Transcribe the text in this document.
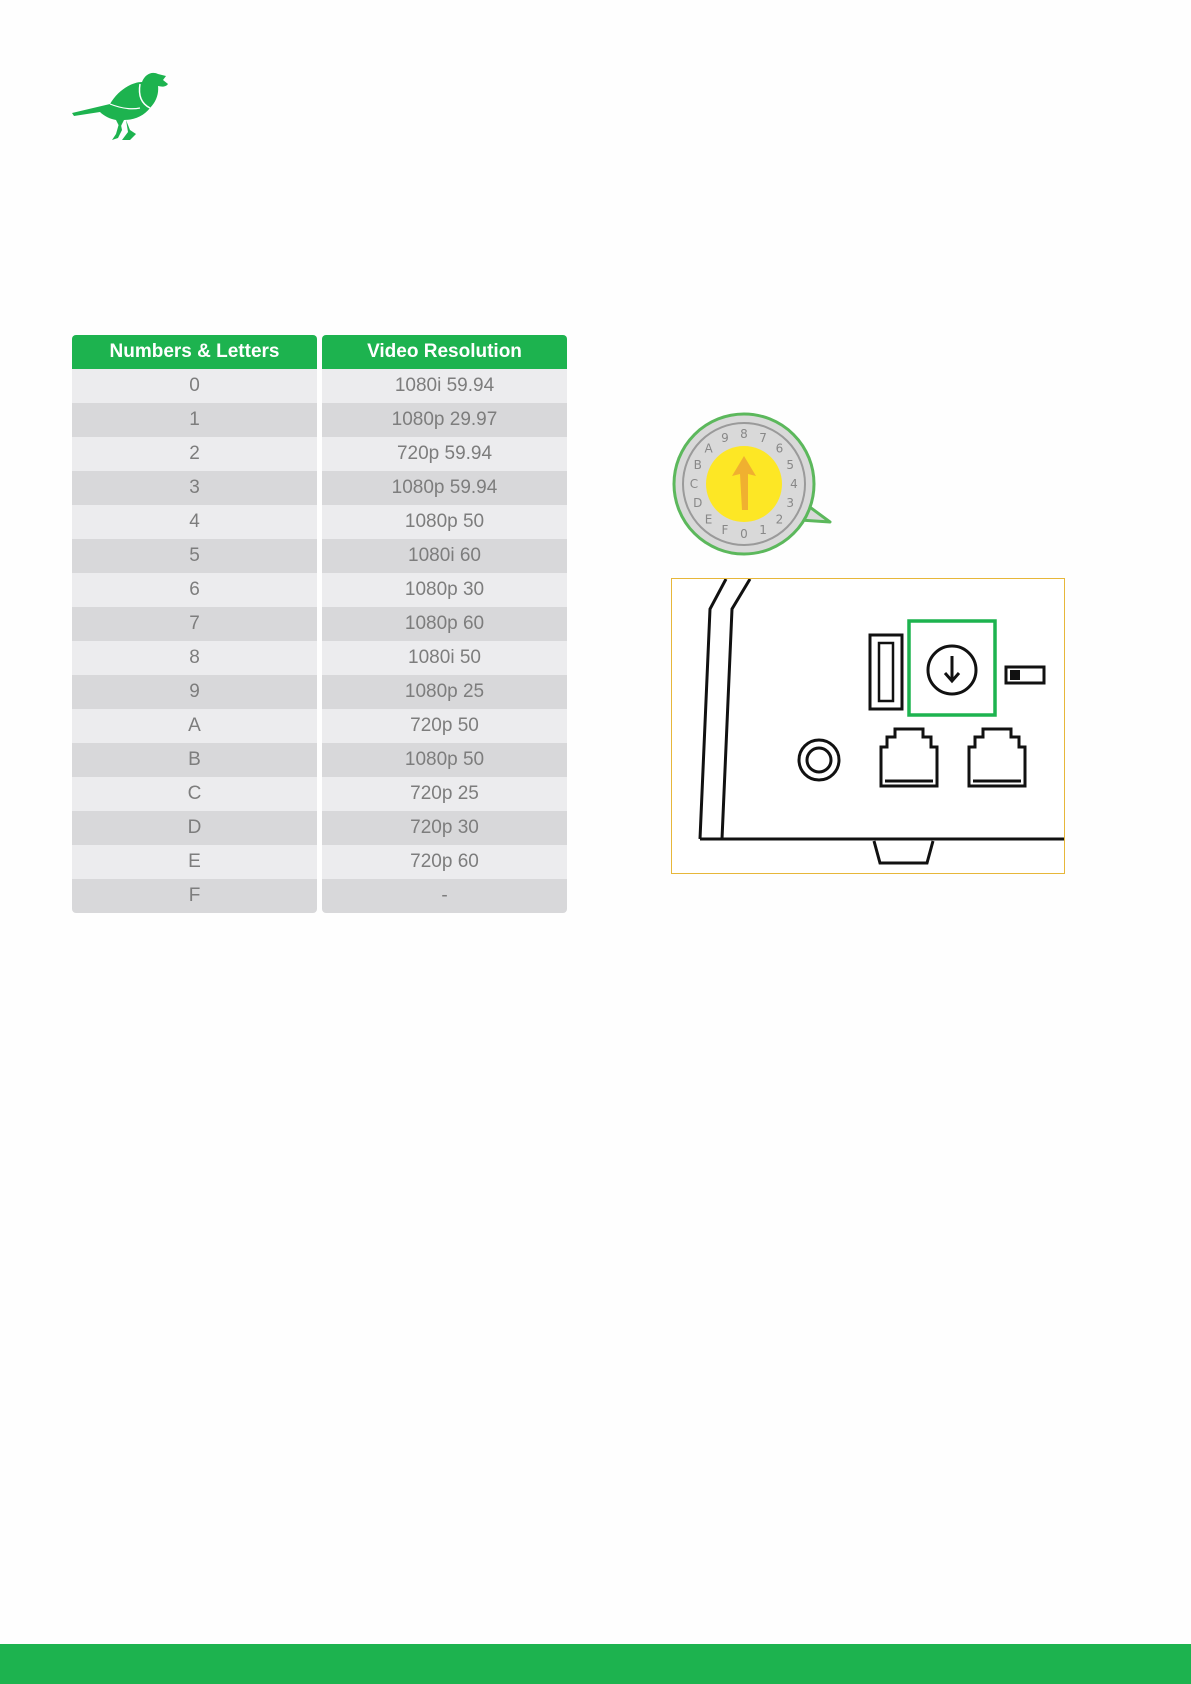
Numbers & Letters	Video Resolution
0	1080i 59.94
1	1080p 29.97
2	720p 59.94
3	1080p 59.94
4	1080p 50
5	1080i 60
6	1080p 30
7	1080p 60
8	1080i 50
9	1080p 25
A	720p 50
B	1080p 50
C	720p 25
D	720p 30
E	720p 60
F	-
0
F
E
D
C
B
A
9 8 7
6
5
4
3
2
1
